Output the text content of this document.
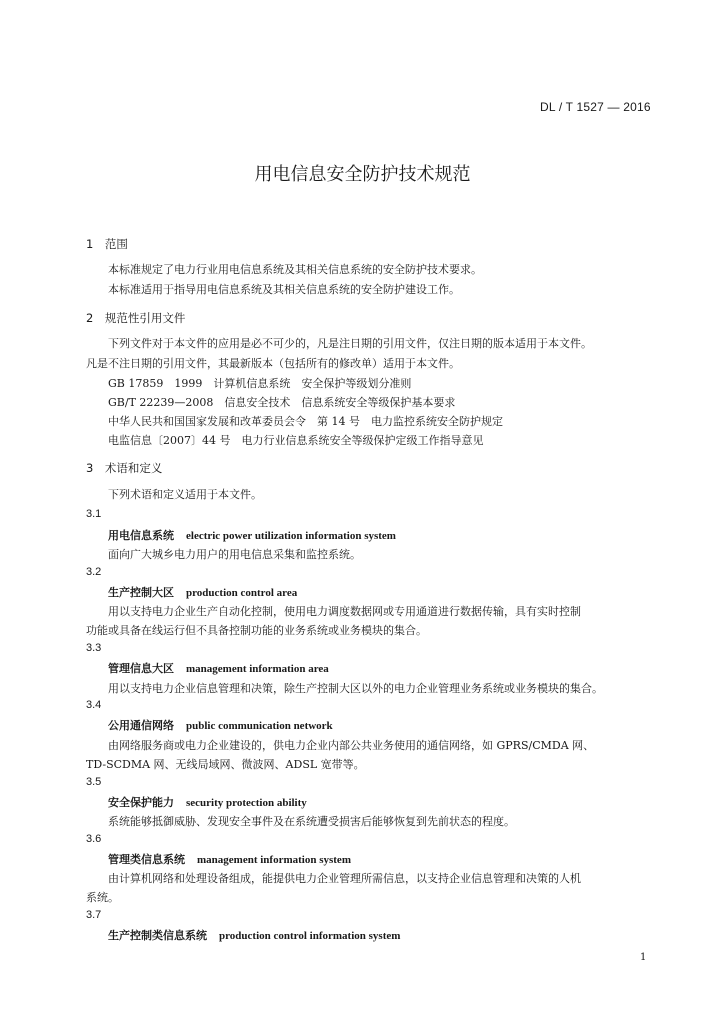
DL / T 1527 — 2016
用电信息安全防护技术规范
1　范围
本标准规定了电力行业用电信息系统及其相关信息系统的安全防护技术要求。
本标准适用于指导用电信息系统及其相关信息系统的安全防护建设工作。
2　规范性引用文件
下列文件对于本文件的应用是必不可少的，凡是注日期的引用文件，仅注日期的版本适用于本文件。
凡是不注日期的引用文件，其最新版本（包括所有的修改单）适用于本文件。
GB 17859　1999　计算机信息系统　安全保护等级划分准则
GB/T 22239—2008　信息安全技术　信息系统安全等级保护基本要求
中华人民共和国国家发展和改革委员会令　第 14 号　电力监控系统安全防护规定
电监信息〔2007〕44 号　电力行业信息系统安全等级保护定级工作指导意见
3　术语和定义
下列术语和定义适用于本文件。
3.1
用电信息系统 electric power utilization information system
面向广大城乡电力用户的用电信息采集和监控系统。
3.2
生产控制大区 production control area
用以支持电力企业生产自动化控制，使用电力调度数据网或专用通道进行数据传输，具有实时控制
功能或具备在线运行但不具备控制功能的业务系统或业务模块的集合。
3.3
管理信息大区 management information area
用以支持电力企业信息管理和决策，除生产控制大区以外的电力企业管理业务系统或业务模块的集合。
3.4
公用通信网络 public communication network
由网络服务商或电力企业建设的，供电力企业内部公共业务使用的通信网络，如 GPRS/CMDA 网、
TD-SCDMA 网、无线局域网、微波网、ADSL 宽带等。
3.5
安全保护能力 security protection ability
系统能够抵御威胁、发现安全事件及在系统遭受损害后能够恢复到先前状态的程度。
3.6
管理类信息系统 management information system
由计算机网络和处理设备组成，能提供电力企业管理所需信息，以支持企业信息管理和决策的人机
系统。
3.7
生产控制类信息系统 production control information system
1
